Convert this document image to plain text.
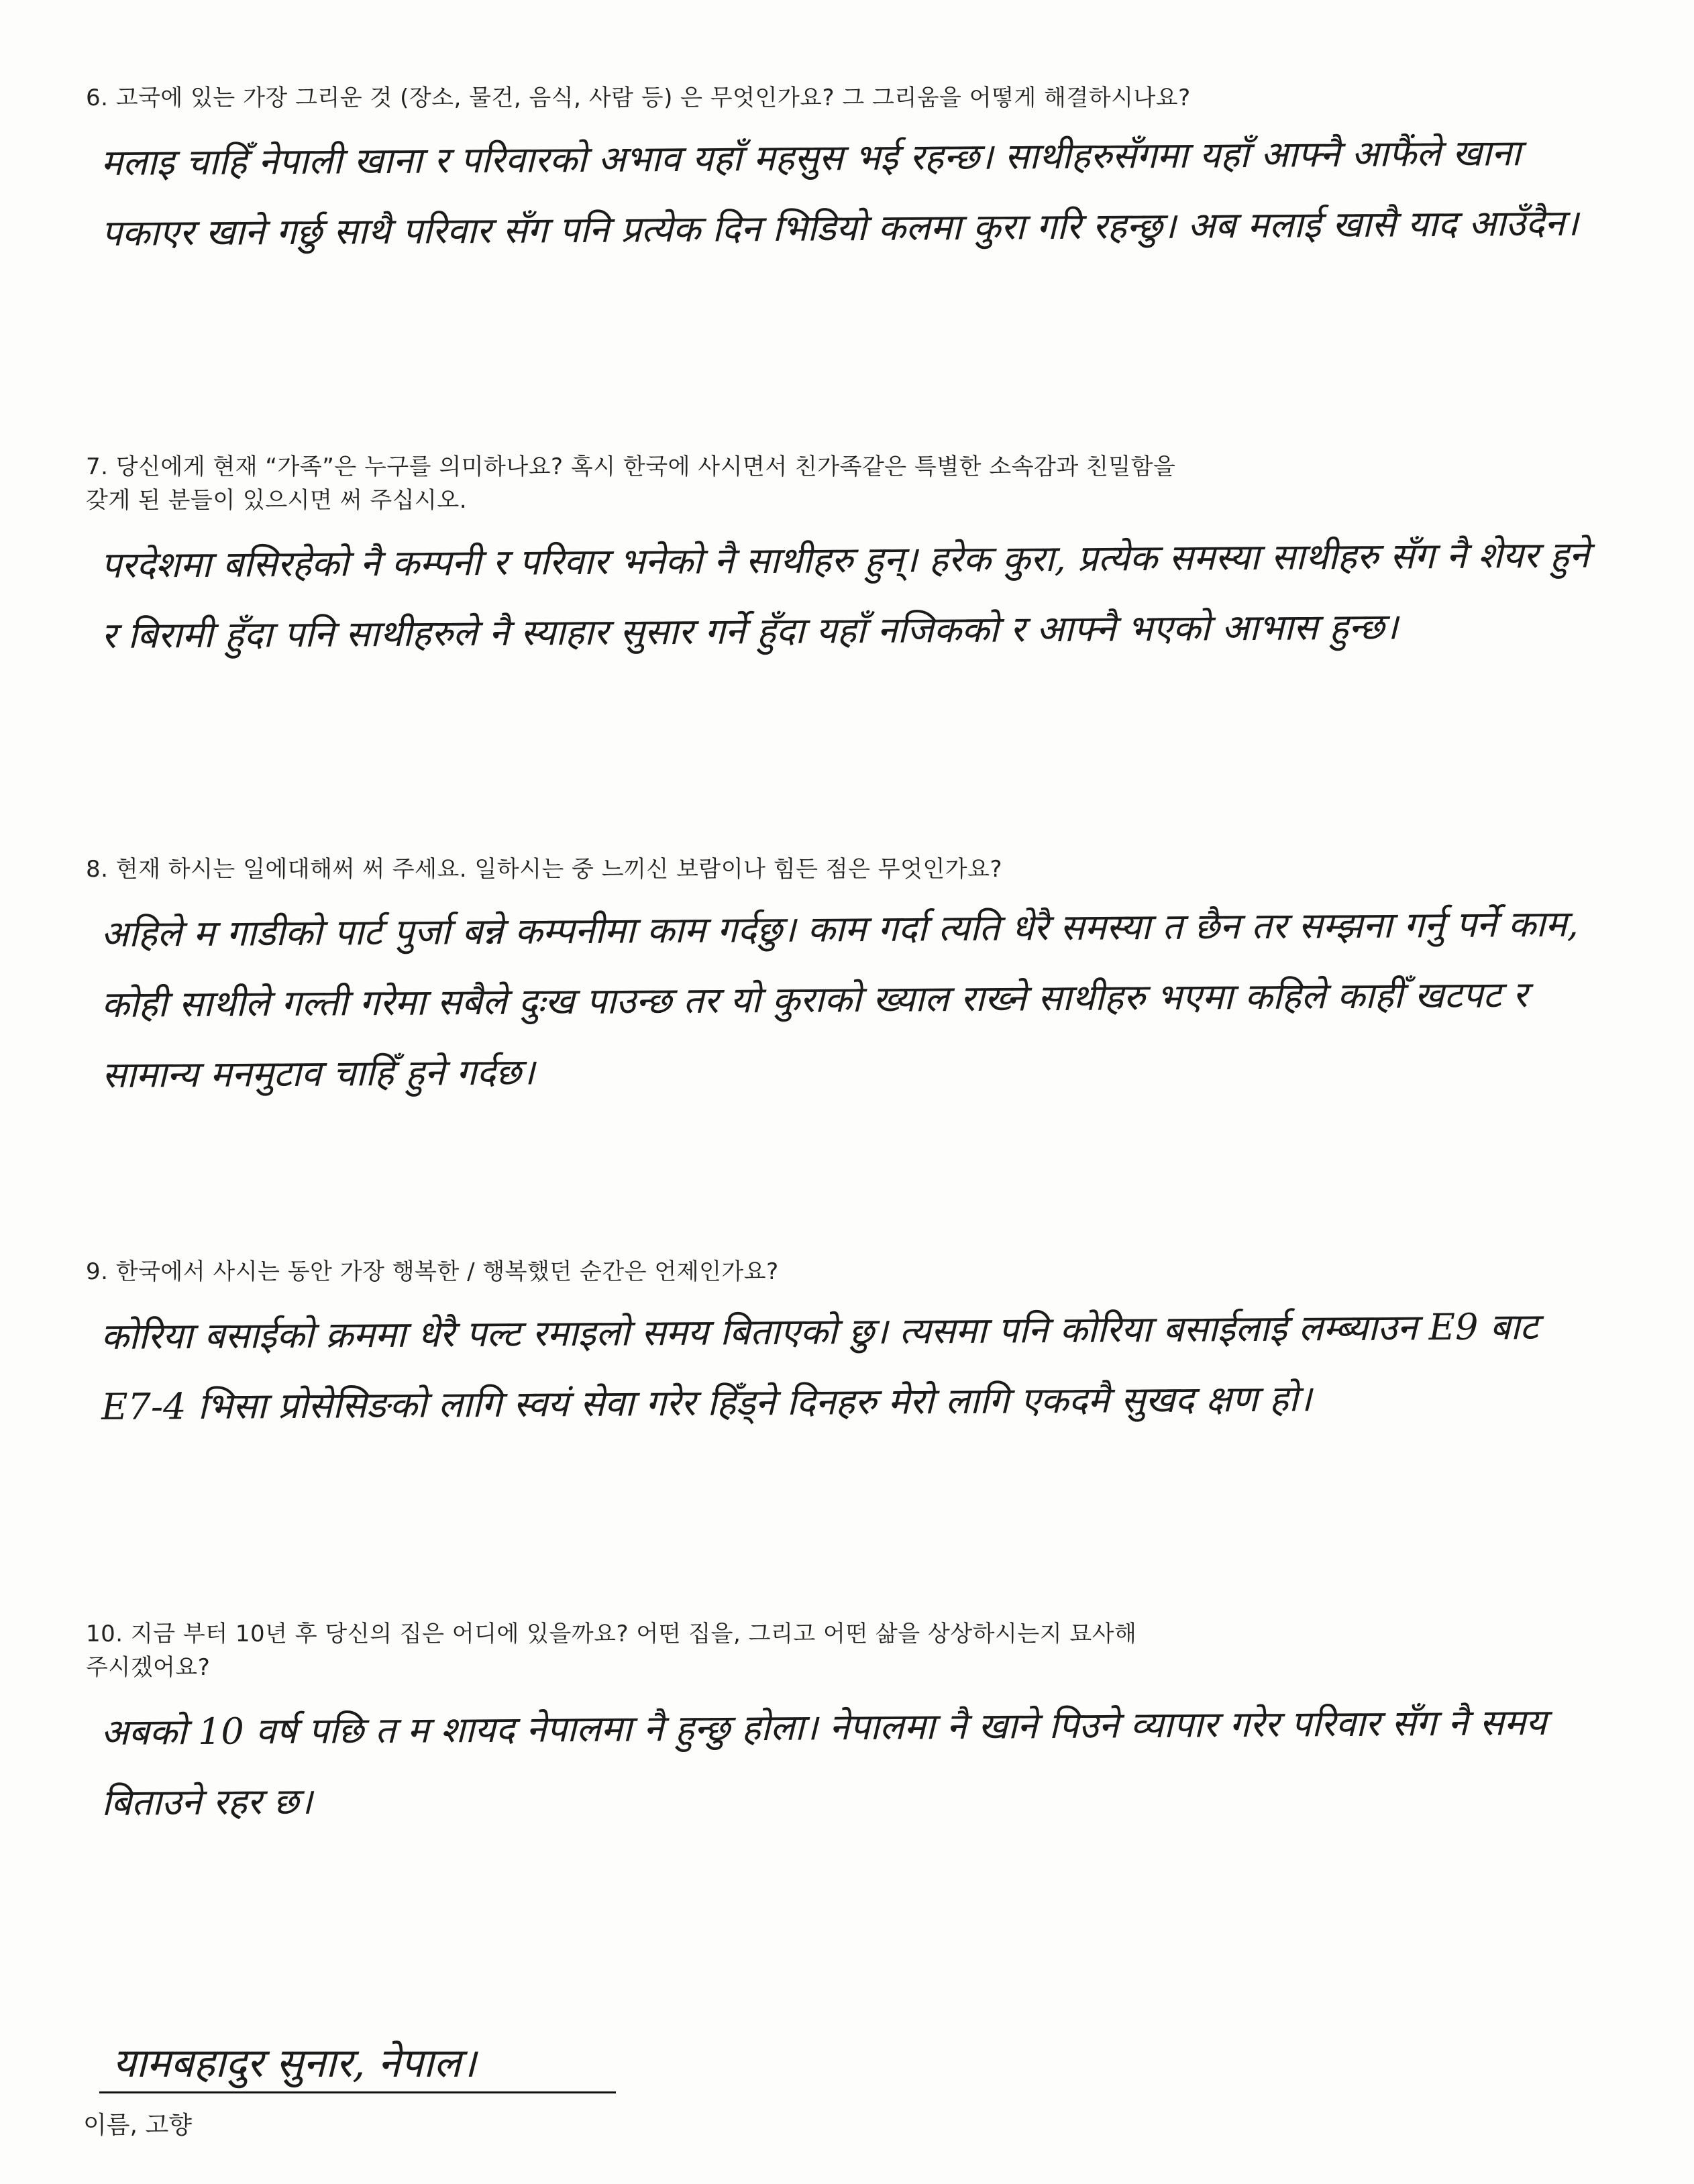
6. 고국에 있는 가장 그리운 것 (장소, 물건, 음식, 사람 등) 은 무엇인가요? 그 그리움을 어떻게 해결하시나요?
मलाइ चाहिँ नेपाली खाना र परिवारको अभाव यहाँ महसुस भई रहन्छ। साथीहरुसँगमा यहाँ आफ्नै आफैंले खाना पकाएर खाने गर्छु साथै परिवार सँग पनि प्रत्येक दिन भिडियो कलमा कुरा गरि रहन्छु। अब मलाई खासै याद आउँदैन।
7. 당신에게 현재 “가족”은 누구를 의미하나요? 혹시 한국에 사시면서 친가족같은 특별한 소속감과 친밀함을
갖게 된 분들이 있으시면 써 주십시오.
परदेशमा बसिरहेको नै कम्पनी र परिवार भनेको नै साथीहरु हुन्। हरेक कुरा, प्रत्येक समस्या साथीहरु सँग नै शेयर हुने र बिरामी हुँदा पनि साथीहरुले नै स्याहार सुसार गर्ने हुँदा यहाँ नजिकको र आफ्नै भएको आभास हुन्छ।
8. 현재 하시는 일에대해써 써 주세요. 일하시는 중 느끼신 보람이나 힘든 점은 무엇인가요?
अहिले म गाडीको पार्ट पुर्जा बन्ने कम्पनीमा काम गर्दछु। काम गर्दा त्यति धेरै समस्या त छैन तर सम्झना गर्नु पर्ने काम, कोही साथीले गल्ती गरेमा सबैले दुःख पाउन्छ तर यो कुराको ख्याल राख्ने साथीहरु भएमा कहिले काहीँ खटपट र सामान्य मनमुटाव चाहिँ हुने गर्दछ।
9. 한국에서 사시는 동안 가장 행복한 / 행복했던 순간은 언제인가요?
कोरिया बसाईको क्रममा धेरै पल्ट रमाइलो समय बिताएको छु। त्यसमा पनि कोरिया बसाईलाई लम्ब्याउन E9 बाट E7-4 भिसा प्रोसेसिङको लागि स्वयं सेवा गरेर हिँड्ने दिनहरु मेरो लागि एकदमै सुखद क्षण हो।
10. 지금 부터 10년 후 당신의 집은 어디에 있을까요? 어떤 집을, 그리고 어떤 삶을 상상하시는지 묘사해
주시겠어요?
अबको 10 वर्ष पछि त म शायद नेपालमा नै हुन्छु होला। नेपालमा नै खाने पिउने व्यापार गरेर परिवार सँग नै समय बिताउने रहर छ।
यामबहादुर सुनार, नेपाल।
이름, 고향
